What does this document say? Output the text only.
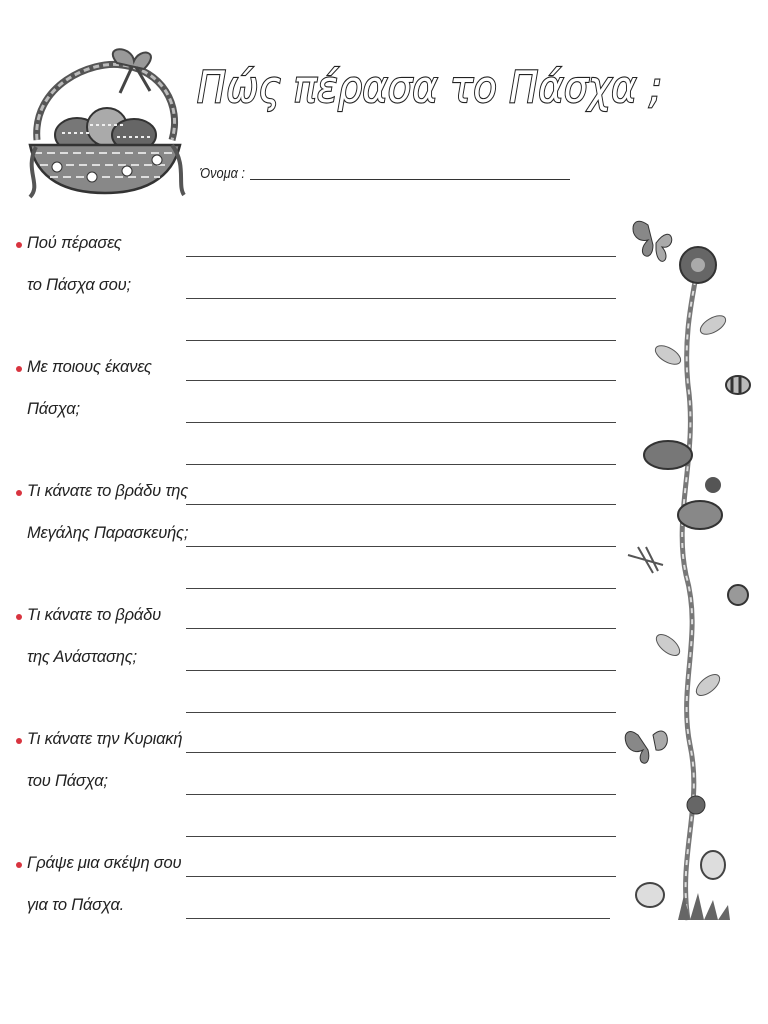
Πώς πέρασα το Πάσχα ;
Όνομα :
Πού πέρασες
το Πάσχα σου;
Με ποιους έκανες
Πάσχα;
Τι κάνατε το βράδυ της
Μεγάλης Παρασκευής;
Τι κάνατε το βράδυ
της Ανάστασης;
Τι κάνατε την Κυριακή
του Πάσχα;
Γράψε μια σκέψη σου
για το Πάσχα.
